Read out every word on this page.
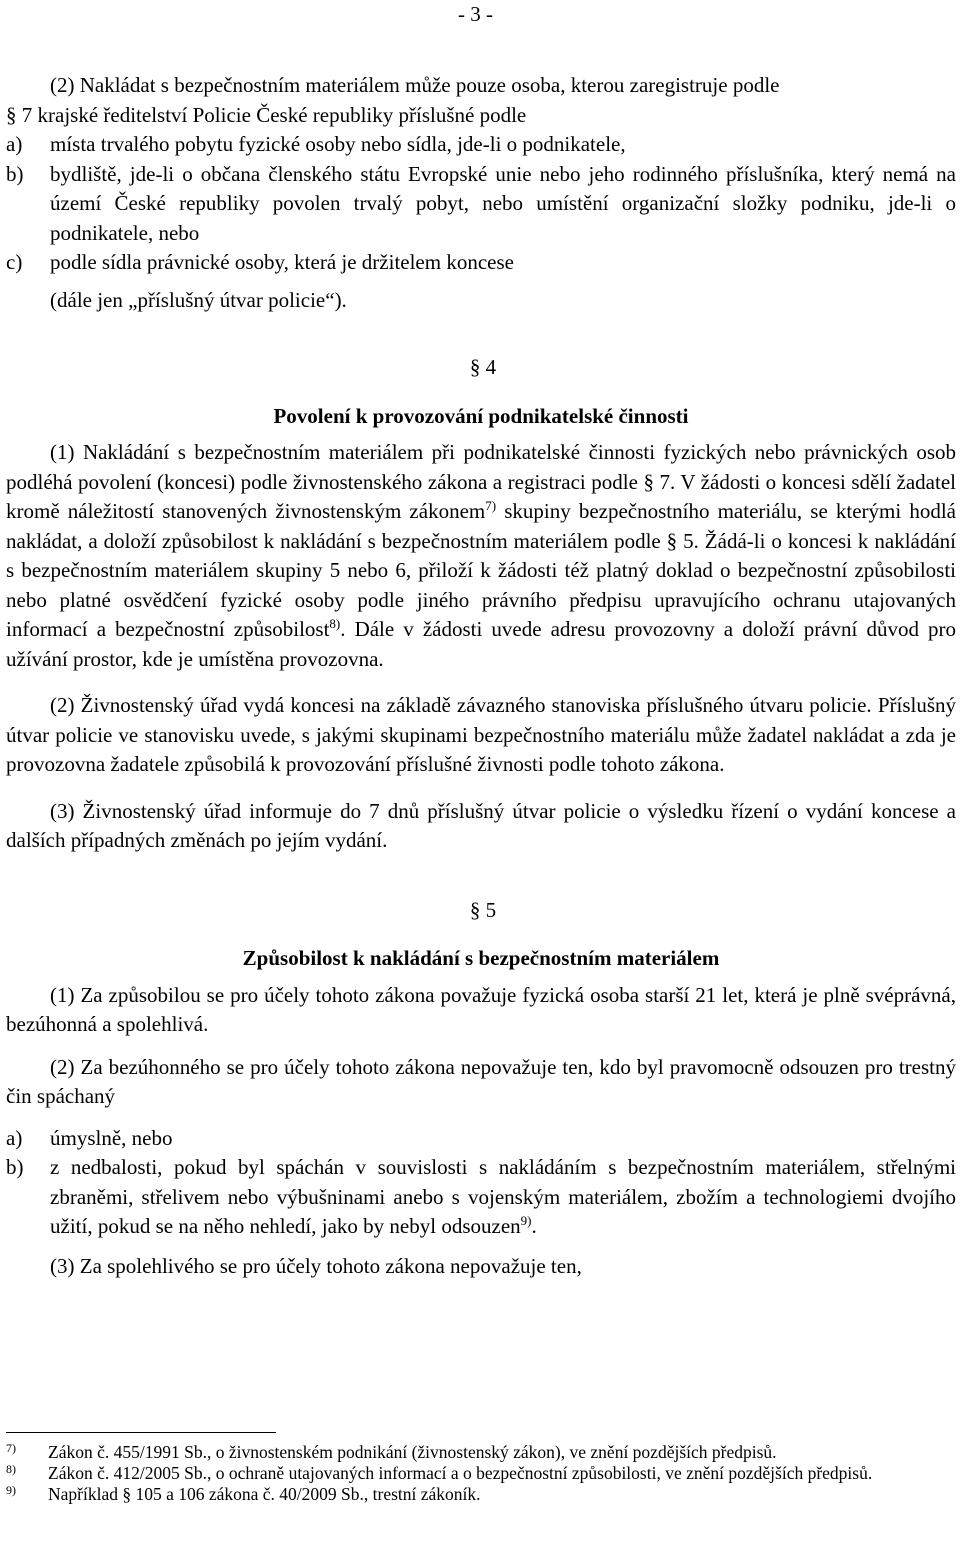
- 3 -

(2) Nakládat s bezpečnostním materiálem může pouze osoba, kterou zaregistruje podle

§ 7 krajské ředitelství Policie České republiky příslušné podle

a) místa trvalého pobytu fyzické osoby nebo sídla, jde-li o podnikatele,
b) bydliště, jde-li o občana členského státu Evropské unie nebo jeho rodinného příslušníka, který nemá na území České republiky povolen trvalý pobyt, nebo umístění organizační složky podniku, jde-li o podnikatele, nebo
c) podle sídla právnické osoby, která je držitelem koncese

(dále jen „příslušný útvar policie“).

§ 4

Povolení k provozování podnikatelské činnosti

(1) Nakládání s bezpečnostním materiálem při podnikatelské činnosti fyzických nebo právnických osob podléhá povolení (koncesi) podle živnostenského zákona a registraci podle § 7. V žádosti o koncesi sdělí žadatel kromě náležitostí stanovených živnostenským zákonem$^{7)}$ skupiny bezpečnostního materiálu, se kterými hodlá nakládat, a doloží způsobilost k nakládání s bezpečnostním materiálem podle § 5. Žádá-li o koncesi k nakládání s bezpečnostním materiálem skupiny 5 nebo 6, přiloží k žádosti též platný doklad o bezpečnostní způsobilosti nebo platné osvědčení fyzické osoby podle jiného právního předpisu upravujícího ochranu utajovaných informací a bezpečnostní způsobilost$^{8)}$. Dále v žádosti uvede adresu provozovny a doloží právní důvod pro užívání prostor, kde je umístěna provozovna.

(2) Živnostenský úřad vydá koncesi na základě závazného stanoviska příslušného útvaru policie. Příslušný útvar policie ve stanovisku uvede, s jakými skupinami bezpečnostního materiálu může žadatel nakládat a zda je provozovna žadatele způsobilá k provozování příslušné živnosti podle tohoto zákona.

(3) Živnostenský úřad informuje do 7 dnů příslušný útvar policie o výsledku řízení o vydání koncese a dalších případných změnách po jejím vydání.

§ 5

Způsobilost k nakládání s bezpečnostním materiálem

(1) Za způsobilou se pro účely tohoto zákona považuje fyzická osoba starší 21 let, která je plně svéprávná, bezúhonná a spolehlivá.

(2) Za bezúhonného se pro účely tohoto zákona nepovažuje ten, kdo byl pravomocně odsouzen pro trestný čin spáchaný

a) úmyslně, nebo
b) z nedbalosti, pokud byl spáchán v souvislosti s nakládáním s bezpečnostním materiálem, střelnými zbraněmi, střelivem nebo výbušninami anebo s vojenským materiálem, zbožím a technologiemi dvojího užití, pokud se na něho nehledí, jako by nebyl odsouzen$^{9)}$.

(3) Za spolehlivého se pro účely tohoto zákona nepovažuje ten,

7) Zákon č. 455/1991 Sb., o živnostenském podnikání (živnostenský zákon), ve znění pozdějších předpisů.
8) Zákon č. 412/2005 Sb., o ochraně utajovaných informací a o bezpečnostní způsobilosti, ve znění pozdějších předpisů.
9) Například § 105 a 106 zákona č. 40/2009 Sb., trestní zákoník.
